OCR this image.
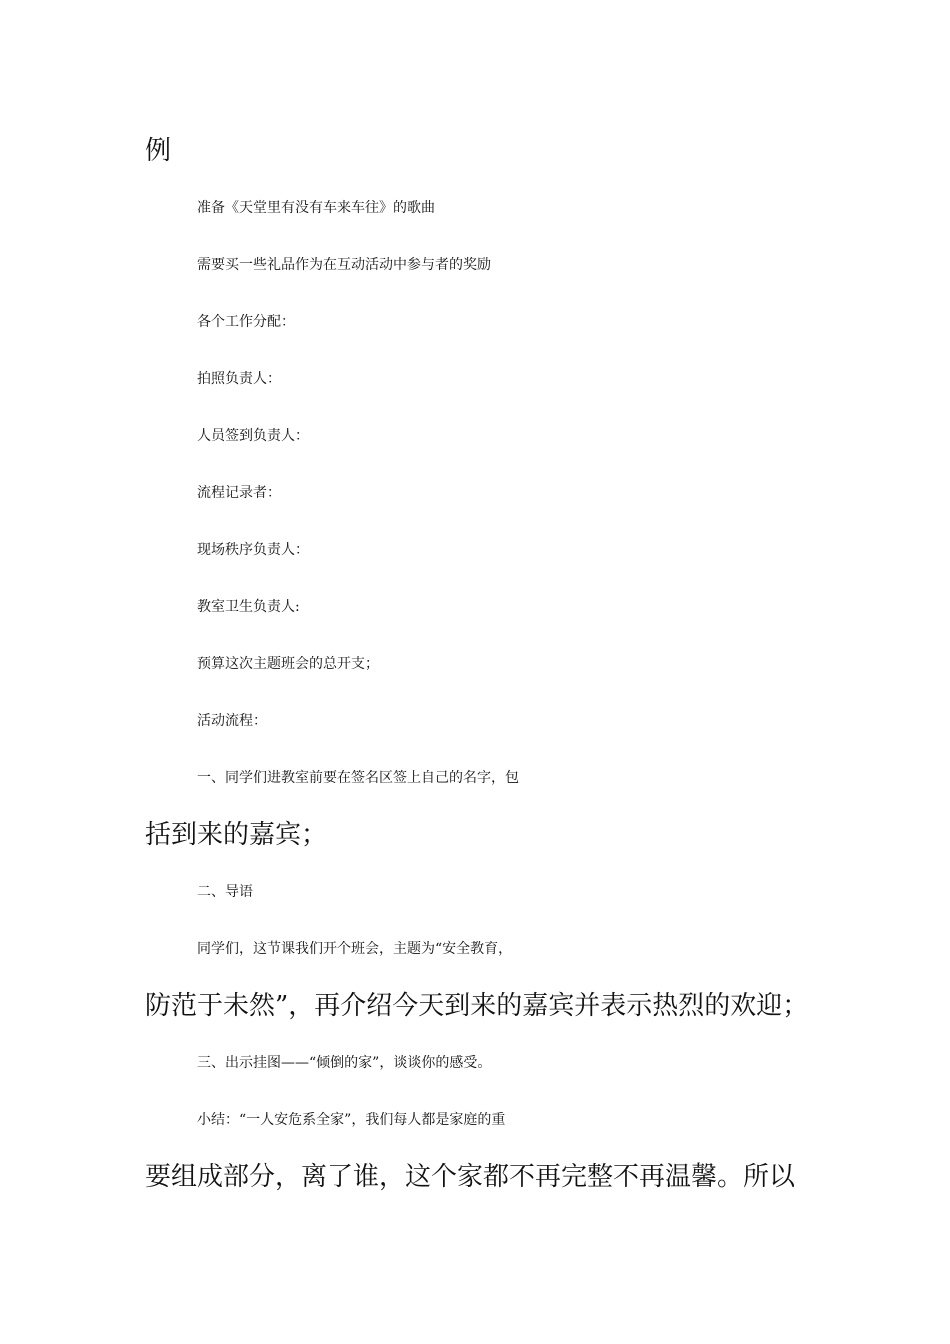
例
准备《天堂里有没有车来车往》的歌曲
需要买一些礼品作为在互动活动中参与者的奖励
各个工作分配：
拍照负责人：
人员签到负责人：
流程记录者：
现场秩序负责人：
教室卫生负责人:
预算这次主题班会的总开支；
活动流程：
一、同学们进教室前要在签名区签上自己的名字，包
括到来的嘉宾；
二、导语
同学们，这节课我们开个班会，主题为“安全教育，
防范于未然”，再介绍今天到来的嘉宾并表示热烈的欢迎；
三、出示挂图——“倾倒的家”，谈谈你的感受。
小结：“一人安危系全家”，我们每人都是家庭的重
要组成部分，离了谁，这个家都不再完整不再温馨。所以
